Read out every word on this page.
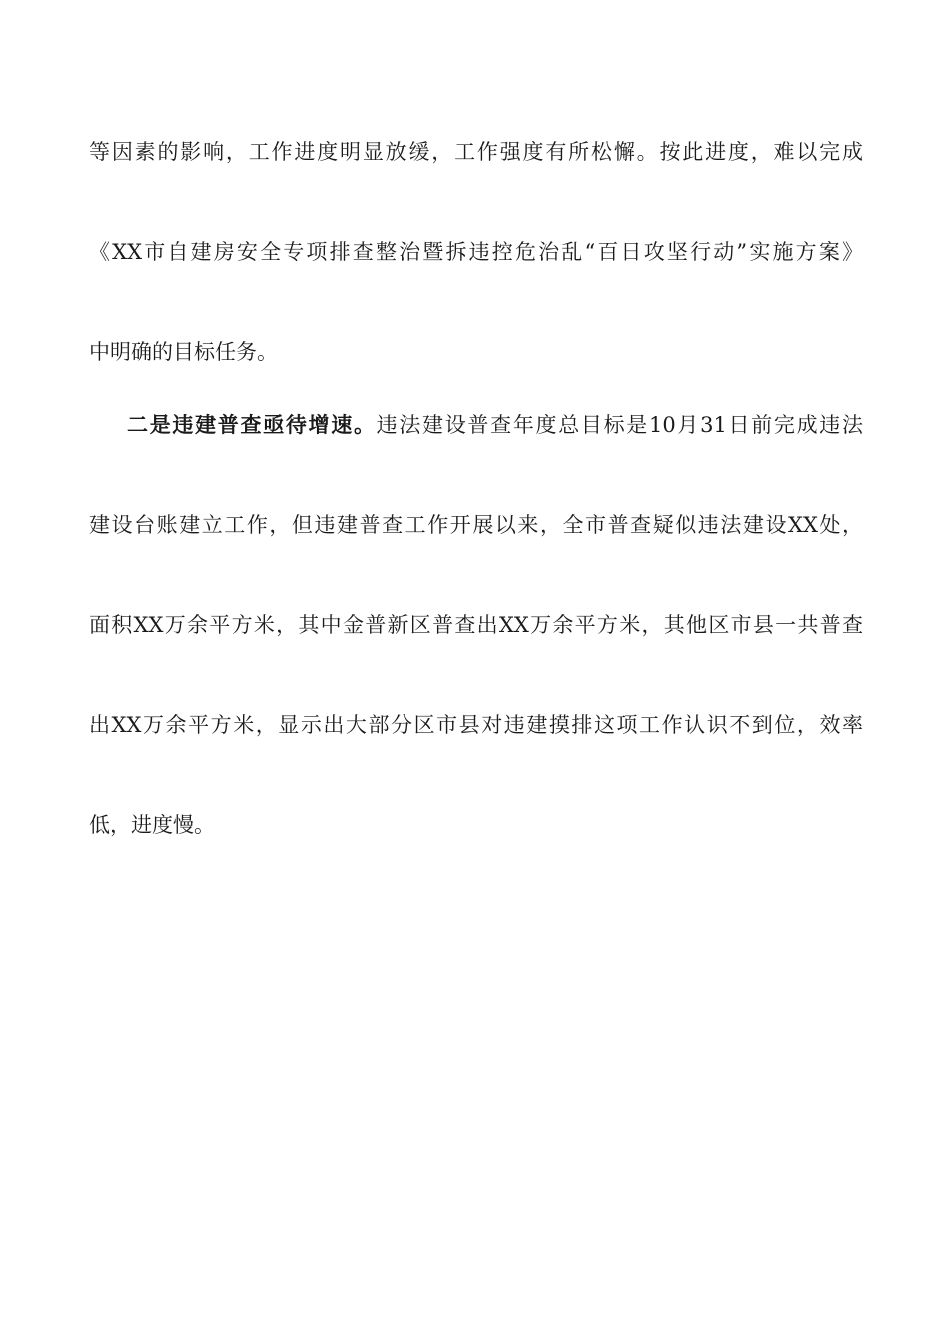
等因素的影响，工作进度明显放缓，工作强度有所松懈。按此进度，难以完成
《XX市自建房安全专项排查整治暨拆违控危治乱“百日攻坚行动”实施方案》
中明确的目标任务。
二是违建普查亟待增速。违法建设普查年度总目标是10月31日前完成违法
建设台账建立工作，但违建普查工作开展以来，全市普查疑似违法建设XX处，
面积XX万余平方米，其中金普新区普查出XX万余平方米，其他区市县一共普查
出XX万余平方米，显示出大部分区市县对违建摸排这项工作认识不到位，效率
低，进度慢。
